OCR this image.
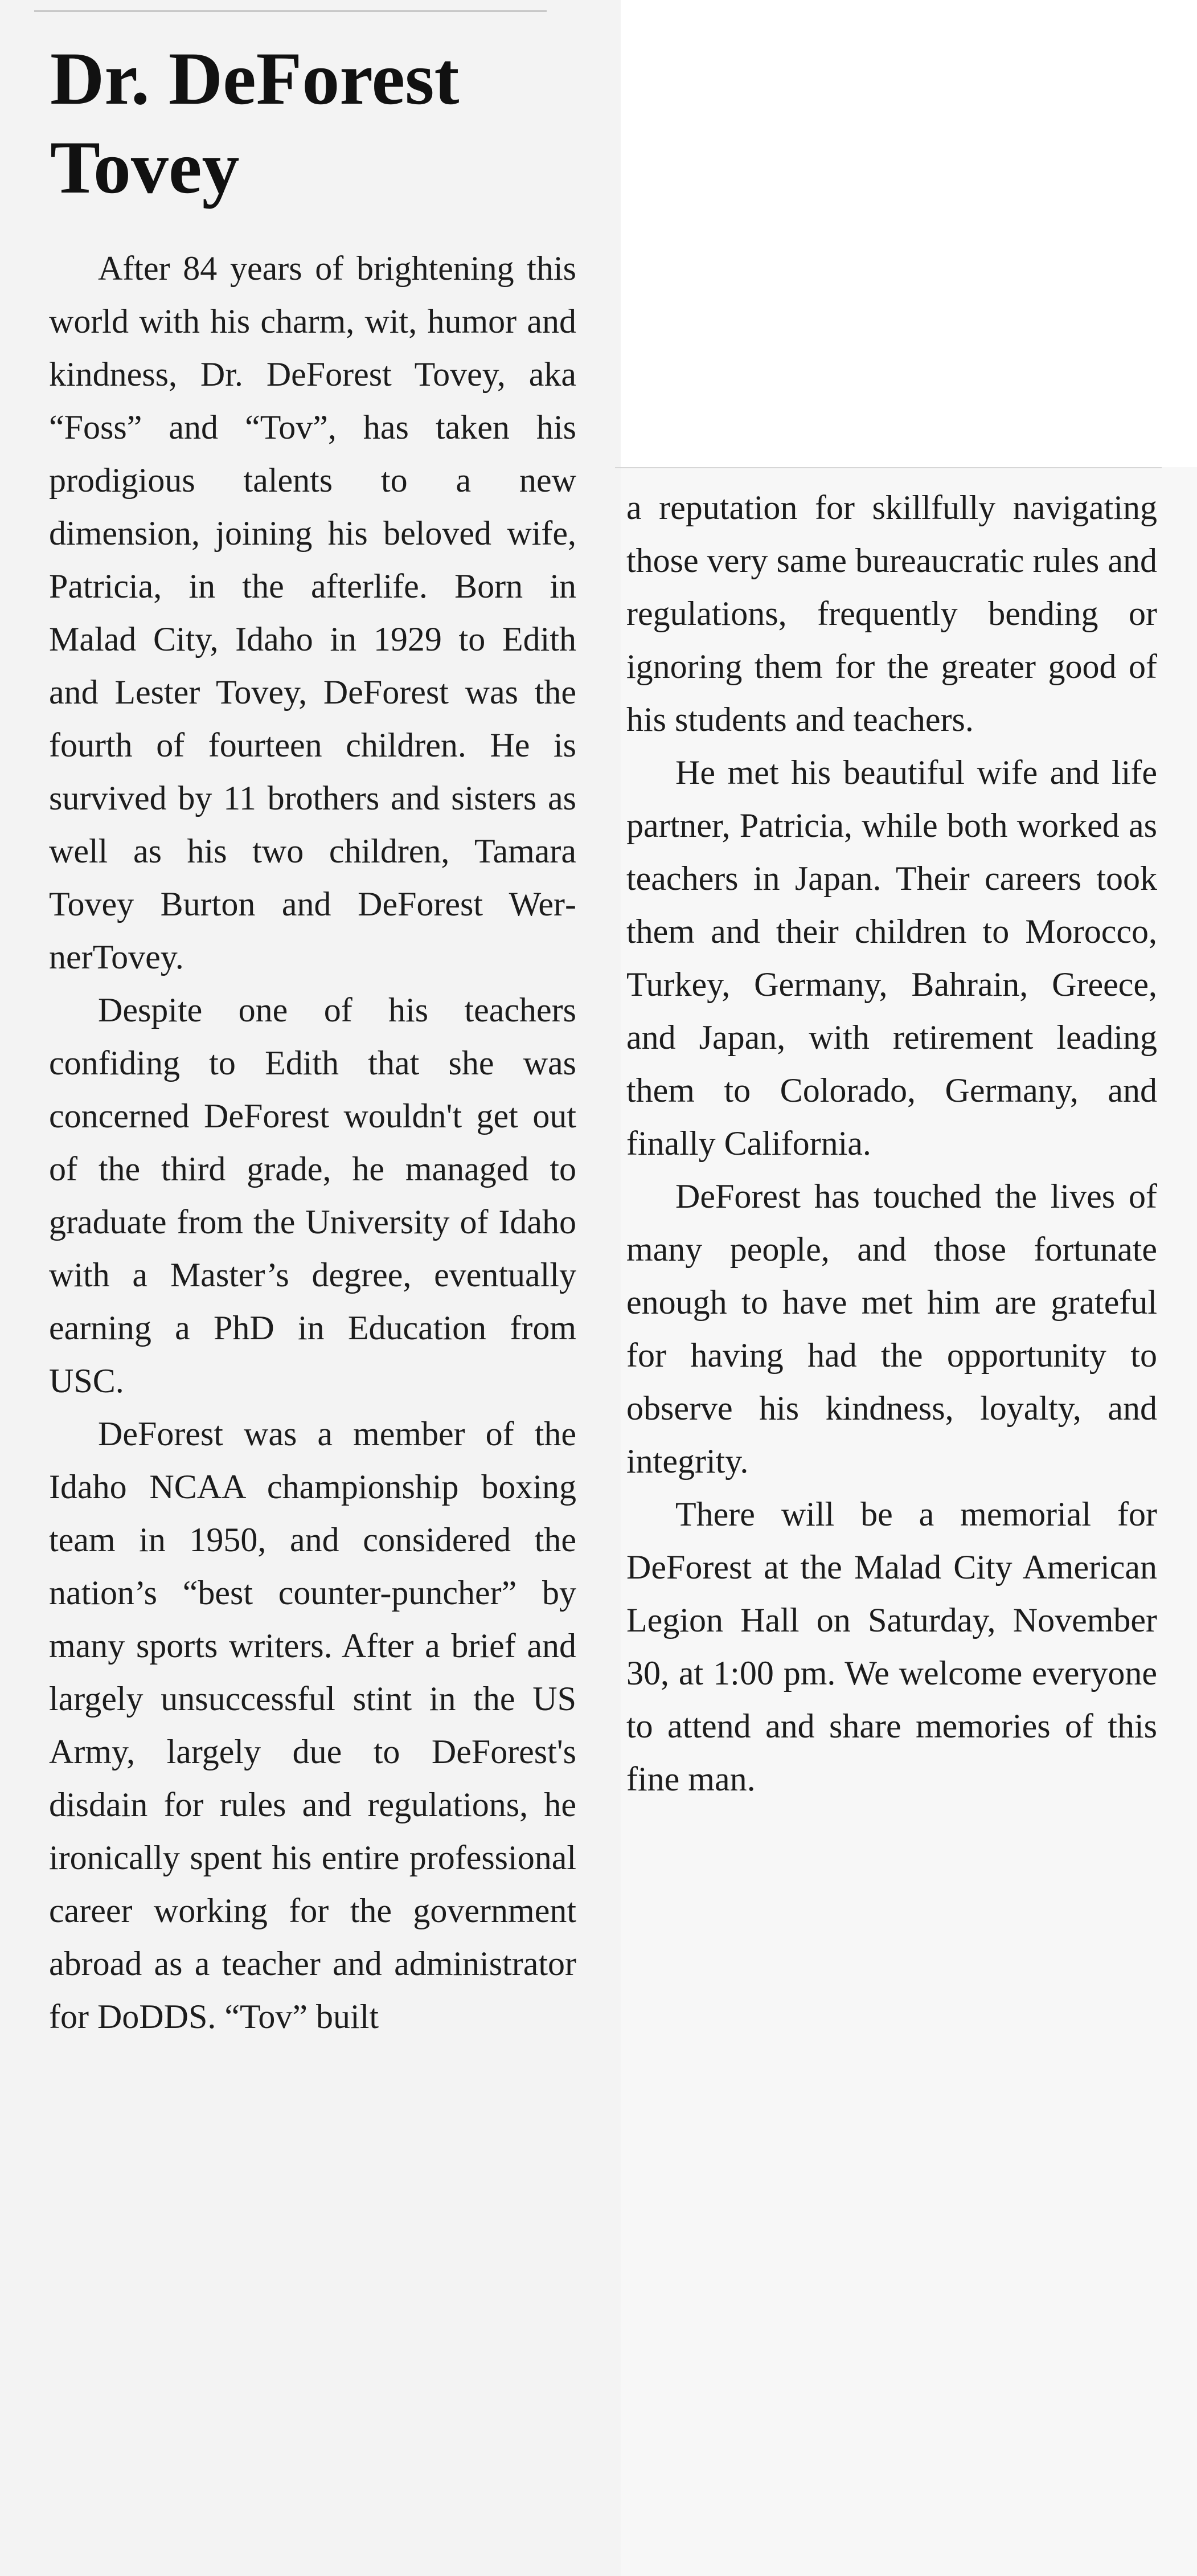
Dr. DeForest Tovey

After 84 years of brightening this world with his charm, wit, humor and kindness, Dr. DeForest Tovey, aka “Foss” and “Tov”, has taken his prodigious talents to a new dimension, joining his beloved wife, Patricia, in the afterlife. Born in Malad City, Idaho in 1929 to Edith and Lester Tovey, DeForest was the fourth of fourteen children. He is survived by 11 brothers and sisters as well as his two children, Tamara Tovey Burton and DeForest WernerTovey.

Despite one of his teachers confiding to Edith that she was concerned DeForest wouldn't get out of the third grade, he managed to graduate from the University of Idaho with a Master’s degree, eventually earning a PhD in Education from USC.

DeForest was a member of the Idaho NCAA championship boxing team in 1950, and considered the nation’s “best counter-puncher” by many sports writers. After a brief and largely unsuccessful stint in the US Army, largely due to DeForest's disdain for rules and regulations, he ironically spent his entire professional career working for the government abroad as a teacher and administrator for DoDDS. “Tov” built

a reputation for skillfully navigating those very same bureaucratic rules and regulations, frequently bending or ignoring them for the greater good of his students and teachers.

He met his beautiful wife and life partner, Patricia, while both worked as teachers in Japan. Their careers took them and their children to Morocco, Turkey, Germany, Bahrain, Greece, and Japan, with retirement leading them to Colorado, Germany, and finally California.

DeForest has touched the lives of many people, and those fortunate enough to have met him are grateful for having had the opportunity to observe his kindness, loyalty, and integrity.

There will be a memorial for DeForest at the Malad City American Legion Hall on Saturday, November 30, at 1:00 pm. We welcome everyone to attend and share memories of this fine man.
